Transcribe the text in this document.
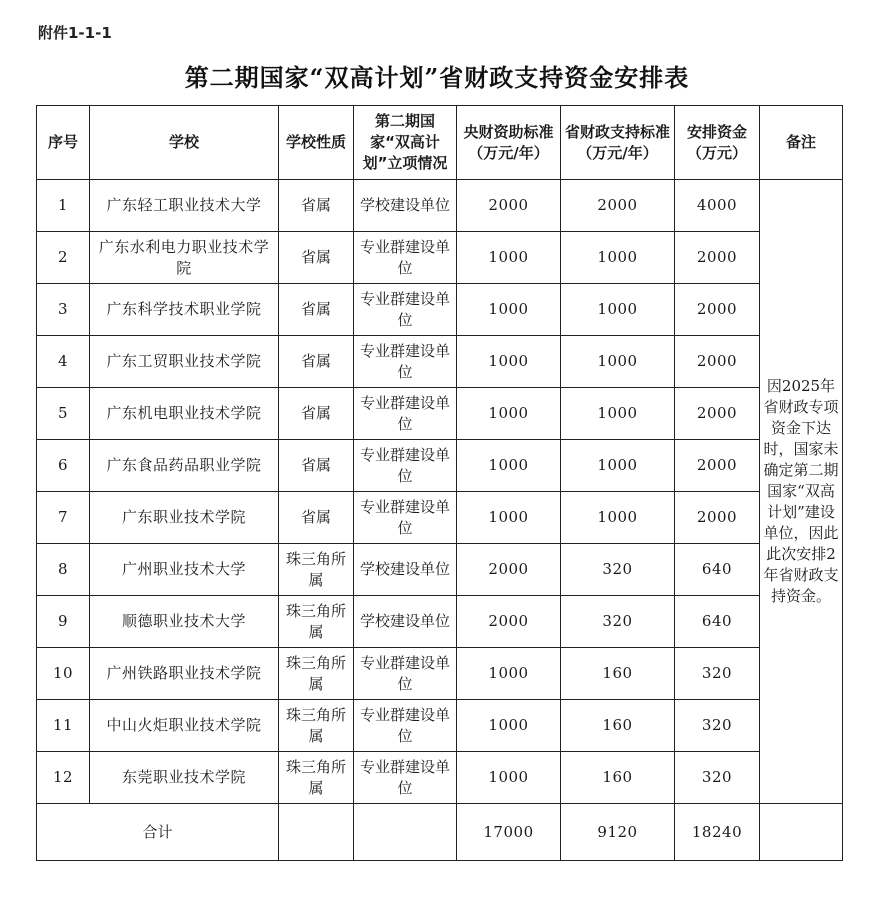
附件1-1-1
第二期国家“双高计划”省财政支持资金安排表
序号	学校	学校性质	第二期国家“双高计划”立项情况	央财资助标准（万元/年）	省财政支持标准（万元/年）	安排资金（万元）	备注
1	广东轻工职业技术大学	省属	学校建设单位	2000	2000	4000	因2025年省财政专项资金下达时，国家未确定第二期国家“双高计划”建设单位，因此此次安排2年省财政支持资金。
2	广东水利电力职业技术学院	省属	专业群建设单位	1000	1000	2000	
3	广东科学技术职业学院	省属	专业群建设单位	1000	1000	2000	
4	广东工贸职业技术学院	省属	专业群建设单位	1000	1000	2000	
5	广东机电职业技术学院	省属	专业群建设单位	1000	1000	2000	
6	广东食品药品职业学院	省属	专业群建设单位	1000	1000	2000	
7	广东职业技术学院	省属	专业群建设单位	1000	1000	2000	
8	广州职业技术大学	珠三角所属	学校建设单位	2000	320	640	
9	顺德职业技术大学	珠三角所属	学校建设单位	2000	320	640	
10	广州铁路职业技术学院	珠三角所属	专业群建设单位	1000	160	320	
11	中山火炬职业技术学院	珠三角所属	专业群建设单位	1000	160	320	
12	东莞职业技术学院	珠三角所属	专业群建设单位	1000	160	320	
合计				17000	9120	18240	
